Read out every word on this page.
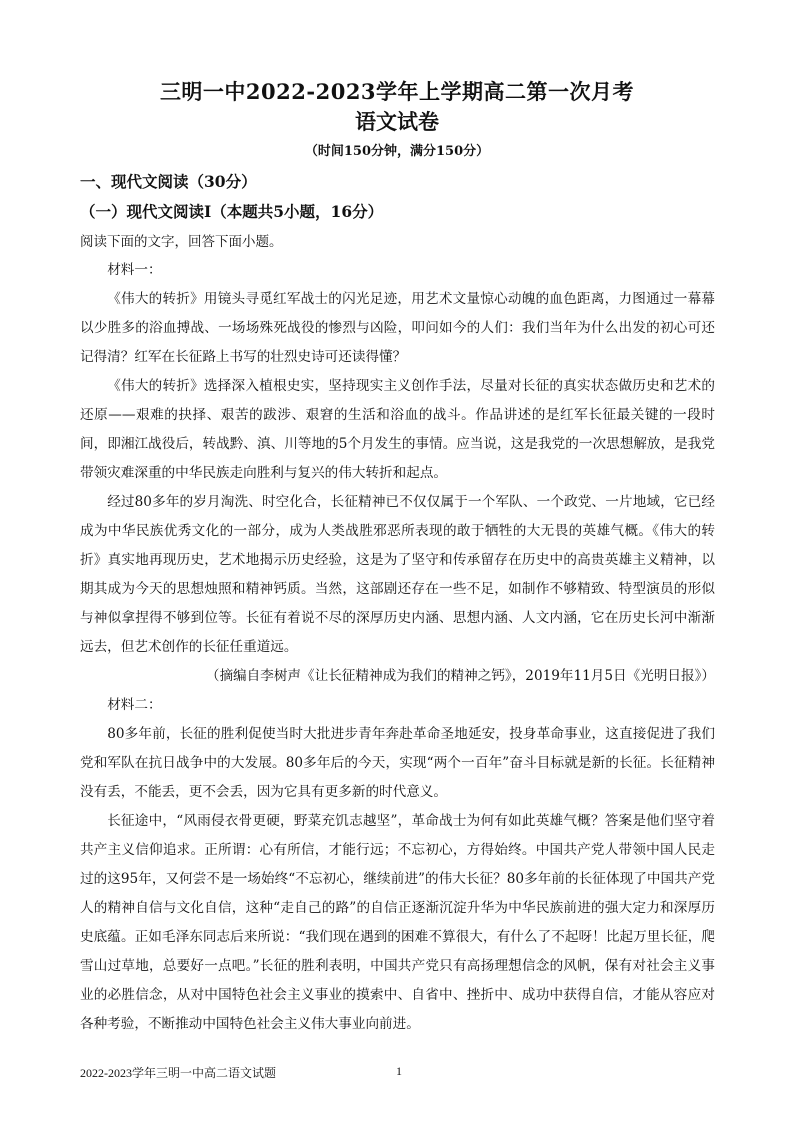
三明一中2022-2023学年上学期高二第一次月考
语文试卷
（时间150分钟，满分150分）
一、现代文阅读（30分）
（一）现代文阅读Ⅰ（本题共5小题，16分）
阅读下面的文字，回答下面小题。

材料一：

《伟大的转折》用镜头寻觅红军战士的闪光足迹，用艺术文量惊心动魄的血色距离，力图通过一幕幕以少胜多的浴血搏战、一场场殊死战役的惨烈与凶险，叩问如今的人们：我们当年为什么出发的初心可还记得清？红军在长征路上书写的壮烈史诗可还读得懂？

《伟大的转折》选择深入植根史实，坚持现实主义创作手法，尽量对长征的真实状态做历史和艺术的还原——艰难的抉择、艰苦的跋涉、艰窘的生活和浴血的战斗。作品讲述的是红军长征最关键的一段时间，即湘江战役后，转战黔、滇、川等地的5个月发生的事情。应当说，这是我党的一次思想解放，是我党带领灾难深重的中华民族走向胜利与复兴的伟大转折和起点。

经过80多年的岁月淘洗、时空化合，长征精神已不仅仅属于一个军队、一个政党、一片地域，它已经成为中华民族优秀文化的一部分，成为人类战胜邪恶所表现的敢于牺牲的大无畏的英雄气概。《伟大的转折》真实地再现历史，艺术地揭示历史经验，这是为了坚守和传承留存在历史中的高贵英雄主义精神，以期其成为今天的思想烛照和精神钙质。当然，这部剧还存在一些不足，如制作不够精致、特型演员的形似与神似拿捏得不够到位等。长征有着说不尽的深厚历史内涵、思想内涵、人文内涵，它在历史长河中渐渐远去，但艺术创作的长征任重道远。

（摘编自李树声《让长征精神成为我们的精神之钙》，2019年11月5日《光明日报》）

材料二：

80多年前，长征的胜利促使当时大批进步青年奔赴革命圣地延安，投身革命事业，这直接促进了我们党和军队在抗日战争中的大发展。80多年后的今天，实现“两个一百年”奋斗目标就是新的长征。长征精神没有丢，不能丢，更不会丢，因为它具有更多新的时代意义。

长征途中，“风雨侵衣骨更硬，野菜充饥志越坚”，革命战士为何有如此英雄气概？答案是他们坚守着共产主义信仰追求。正所谓：心有所信，才能行远；不忘初心，方得始终。中国共产党人带领中国人民走过的这95年，又何尝不是一场始终“不忘初心，继续前进”的伟大长征？80多年前的长征体现了中国共产党人的精神自信与文化自信，这种“走自己的路”的自信正逐渐沉淀升华为中华民族前进的强大定力和深厚历史底蕴。正如毛泽东同志后来所说：“我们现在遇到的困难不算很大，有什么了不起呀！比起万里长征，爬雪山过草地，总要好一点吧。”长征的胜利表明，中国共产党只有高扬理想信念的风帆，保有对社会主义事业的必胜信念，从对中国特色社会主义事业的摸索中、自省中、挫折中、成功中获得自信，才能从容应对各种考验，不断推动中国特色社会主义伟大事业向前进。

2022-2023学年三明一中高二语文试题	1
